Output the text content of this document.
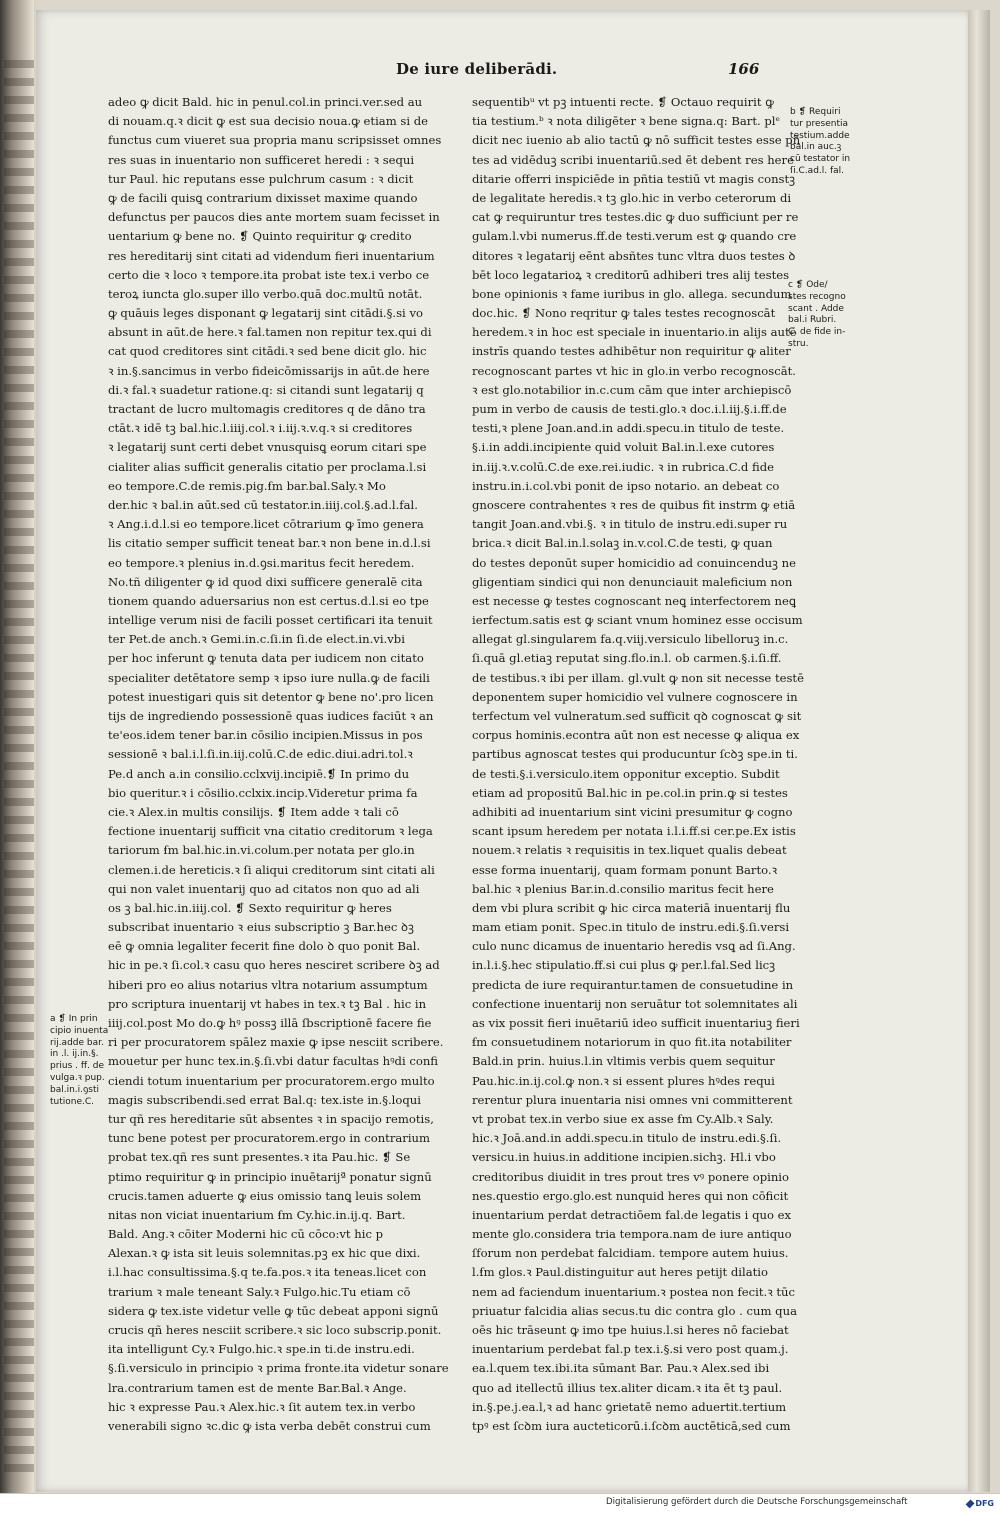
De iure deliberādi.	166
adeo ꝙ dicit Bald. hic in penul.col.in princi.ver.sed au
di nouam.q.ꝛ dicit ꝙ est sua decisio noua.ꝙ etiam si de
functus cum viueret sua propria manu scripsisset omnes
res suas in inuentario non sufficeret heredi : ꝛ sequi
tur Paul. hic reputans esse pulchrum casum : ꝛ dicit
ꝙ de facili quisꝗ contrarium dixisset maxime quando
defunctus per paucos dies ante mortem suam fecisset in
uentarium ꝙ bene no. ❡ Quinto requiritur ꝙ credito
res hereditarij sint citati ad videndum fieri inuentarium
certo die ꝛ loco ꝛ tempore.ita probat iste tex.i verbo ce
teroꝝ iuncta glo.super illo verbo.quā doc.multū notāt.
ꝙ quāuis leges disponant ꝙ legatarij sint citādi.§.si vo
absunt in aūt.de here.ꝛ fal.tamen non repitur tex.qui di
cat quod creditores sint citādi.ꝛ sed bene dicit glo. hic
ꝛ in.§.sancimus in verbo fideicōmissarijs in aūt.de here
di.ꝛ fal.ꝛ suadetur ratione.q: si citandi sunt legatarij q
tractant de lucro multomagis creditores q de dāno tra
ctāt.ꝛ idē tꝫ bal.hic.l.iiij.col.ꝛ i.iij.ꝛ.v.q.ꝛ si creditores
ꝛ legatarij sunt certi debet vnusquisꝗ eorum citari spe
cialiter alias sufficit generalis citatio per proclama.l.si
eo tempore.C.de remis.pig.ẜm bar.bal.Saly.ꝛ Mo
der.hic ꝛ bal.in aūt.sed cū testator.in.iiij.col.§.ad.l.fal.
ꝛ Ang.i.d.l.si eo tempore.licet cōtrarium ꝙ īmo genera
lis citatio semper sufficit teneat bar.ꝛ non bene in.d.l.si
eo tempore.ꝛ plenius in.d.ꝯsi.maritus fecit heredem.
No.tñ diligenter ꝙ id quod dixi sufficere generalē cita
tionem quando aduersarius non est certus.d.l.si eo tpe
intellige verum nisi de facili posset certificari ita tenuit
ter Pet.de anch.ꝛ Gemi.in.c.ſi.in ſi.de elect.in.vi.vbi
per hoc inferunt ꝙ tenuta data per iudicem non citato
specialiter detētatore semp ꝛ ipso iure nulla.ꝙ de facili
potest inuestigari quis sit detentor ꝙ bene no'.pro licen
tijs de ingrediendo possessionē quas iudices faciūt ꝛ an
te'eos.idem tener bar.in cōsilio incipien.Missus in pos
sessionē ꝛ bal.i.l.ſi.in.iij.colū.C.de edic.diui.adri.tol.ꝛ
Pe.d anch a.in consilio.cclxvij.incipiē.❡ In primo du
bio queritur.ꝛ i cōsilio.cclxix.incip.Videretur prima fa
cie.ꝛ Alex.in multis consilijs. ❡ Item adde ꝛ tali cō
fectione inuentarij sufficit vna citatio creditorum ꝛ lega
tariorum ẜm bal.hic.in.vi.colum.per notata per glo.in
clemen.i.de hereticis.ꝛ ſi aliqui creditorum sint citati ali
qui non valet inuentarij quo ad citatos non quo ad ali
os ꝫ bal.hic.in.iiij.col. ❡ Sexto requiritur ꝙ heres
subscribat inuentario ꝛ eius subscriptio ꝫ Bar.hec ꝺꝫ
eē ꝙ omnia legaliter fecerit fine dolo ꝺ quo ponit Bal.
hic in pe.ꝛ ſi.col.ꝛ casu quo heres nesciret scribere ꝺꝫ ad
hiberi pro eo alius notarius vltra notarium assumptum
pro scriptura inuentarij vt habes in tex.ꝛ tꝫ Bal . hic in
iiij.col.post Mo do.ꝙ hꝰ possꝫ illā ſbscriptionē facere fie
ri per procuratorem spālez maxie ꝙ ipse nesciit scribere.
mouetur per hunc tex.in.§.ſi.vbi datur facultas hꝰdi confi
ciendi totum inuentarium per procuratorem.ergo multo
magis subscribendi.sed errat Bal.q: tex.iste in.§.loqui
tur qñ res hereditarie sūt absentes ꝛ in spacijo remotis,
tunc bene potest per procuratorem.ergo in contrarium
probat tex.qñ res sunt presentes.ꝛ ita Pau.hic. ❡ Se
ptimo requiritur ꝙ in principio inuētarijª ponatur signū
crucis.tamen aduerte ꝙ eius omissio tanꝗ leuis solem
nitas non viciat inuentarium ẜm Cy.hic.in.ij.q. Bart.
Bald. Ang.ꝛ cōiter Moderni hic cū cōco:vt hic p
Alexan.ꝛ ꝙ ista sit leuis solemnitas.pꝫ ex hic que dixi.
i.l.hac consultissima.§.q te.fa.pos.ꝛ ita teneas.licet con
trarium ꝛ male teneant Saly.ꝛ Fulgo.hic.Tu etiam cō
sidera ꝙ tex.iste videtur velle ꝙ tūc debeat apponi signū
crucis qñ heres nesciit scribere.ꝛ sic loco subscrip.ponit.
ita intelligunt Cy.ꝛ Fulgo.hic.ꝛ spe.in ti.de instru.edi.
§.ſi.versiculo in principio ꝛ prima fronte.ita videtur sonare
lra.contrarium tamen est de mente Bar.Bal.ꝛ Ange.
hic ꝛ expresse Pau.ꝛ Alex.hic.ꝛ ſit autem tex.in verbo
venerabili signo ꝛc.dic ꝙ ista verba debēt construi cum
sequentibᵘ vt pꝫ intuenti recte. ❡ Octauo requirit ꝙ
tia testium.ᵇ ꝛ nota diligēter ꝛ bene signa.q: Bart. plᵉ
dicit nec iuenio ab alio tactū ꝙ nō sufficit testes esse pñ
tes ad vidēduꝫ scribi inuentariū.sed ēt debent res here
ditarie offerri inspiciēde in pñtia testiū vt magis constꝫ
de legalitate heredis.ꝛ tꝫ glo.hic in verbo ceterorum di
cat ꝙ requiruntur tres testes.dic ꝙ duo sufficiunt per re
gulam.l.vbi numerus.ff.de testi.verum est ꝙ quando cre
ditores ꝛ legatarij eēnt absñtes tunc vltra duos testes ꝺ
bēt loco legatarioꝝ ꝛ creditorū adhiberi tres alij testes
bone opinionis ꝛ fame iuribus in glo. allega. secundum
doc.hic. ❡ Nono reqritur ꝙ tales testes recognoscāt
heredem.ꝛ in hoc est speciale in inuentario.in alijs autē
instrīs quando testes adhibētur non requiritur ꝙ aliter
recognoscant partes vt hic in glo.in verbo recognoscāt.
ꝛ est glo.notabilior in.c.cum cām que inter archiepiscō
pum in verbo de causis de testi.glo.ꝛ doc.i.l.iij.§.i.ff.de
testi,ꝛ plene Joan.and.in addi.specu.in titulo de teste.
§.i.in addi.incipiente quid voluit Bal.in.l.exe cutores
in.iij.ꝛ.v.colū.C.de exe.rei.iudic. ꝛ in rubrica.C.d fide
instru.in.i.col.vbi ponit de ipso notario. an debeat co
gnoscere contrahentes ꝛ res de quibus fit instrm ꝙ etiā
tangit Joan.and.vbi.§. ꝛ in titulo de instru.edi.super ru
brica.ꝛ dicit Bal.in.l.solaꝫ in.v.col.C.de testi, ꝙ quan
do testes deponūt super homicidio ad conuincenduꝫ ne
gligentiam sindici qui non denunciauit maleficium non
est necesse ꝙ testes cognoscant neꝗ interfectorem neꝗ
ierfectum.satis est ꝙ sciant vnum hominez esse occisum
allegat gl.singularem fa.q.viij.versiculo libelloruꝫ in.c.
ſi.quā gl.etiaꝫ reputat sing.flo.in.l. ob carmen.§.i.ſi.ff.
de testibus.ꝛ ibi per illam. gl.vult ꝙ non sit necesse testē
deponentem super homicidio vel vulnere cognoscere in
terfectum vel vulneratum.sed sufficit qꝺ cognoscat ꝙ sit
corpus hominis.econtra aūt non est necesse ꝙ aliqua ex
partibus agnoscat testes qui producuntur ſcꝺꝫ spe.in ti.
de testi.§.i.versiculo.item opponitur exceptio. Subdit
etiam ad propositū Bal.hic in pe.col.in prin.ꝙ si testes
adhibiti ad inuentarium sint vicini presumitur ꝙ cogno
scant ipsum heredem per notata i.l.i.ff.si cer.pe.Ex istis
nouem.ꝛ relatis ꝛ requisitis in tex.liquet qualis debeat
esse forma inuentarij, quam formam ponunt Barto.ꝛ
bal.hic ꝛ plenius Bar.in.d.consilio maritus fecit here
dem vbi plura scribit ꝙ hic circa materiā inuentarij flu
mam etiam ponit. Spec.in titulo de instru.edi.§.ſi.versi
culo nunc dicamus de inuentario heredis vsꝗ ad ſi.Ang.
in.l.i.§.hec stipulatio.ff.si cui plus ꝙ per.l.fal.Sed licꝫ
predicta de iure requirantur.tamen de consuetudine in
confectione inuentarij non seruātur tot solemnitates ali
as vix possit fieri inuētariū ideo sufficit inuentariuꝫ fieri
ẜm consuetudinem notariorum in quo fit.ita notabiliter
Bald.in prin. huius.l.in vltimis verbis quem sequitur
Pau.hic.in.ij.col.ꝙ non.ꝛ si essent plures hꝰdes requi
rerentur plura inuentaria nisi omnes vni committerent
vt probat tex.in verbo siue ex asse ẜm Cy.Alb.ꝛ Saly.
hic.ꝛ Joā.and.in addi.specu.in titulo de instru.edi.§.ſi.
versicu.in huius.in additione incipien.sichꝫ. Hl.i vbo
creditoribus diuidit in tres prout tres vꝰ ponere opinio
nes.questio ergo.glo.est nunquid heres qui non cōficit
inuentarium perdat detractiōem fal.de legatis i quo ex
mente glo.considera tria tempora.nam de iure antiquo
ſforum non perdebat falcidiam. tempore autem huius.
l.ẜm glos.ꝛ Paul.distinguitur aut heres petijt dilatio
nem ad faciendum inuentarium.ꝛ postea non fecit.ꝛ tūc
priuatur falcidia alias secus.tu dic contra glo . cum qua
oēs hic trāseunt ꝙ imo tpe huius.l.si heres nō faciebat
inuentarium perdebat fal.p tex.i.§.si vero post quam.j.
ea.l.quem tex.ibi.ita sūmant Bar. Pau.ꝛ Alex.sed ibi
quo ad itellectū illius tex.aliter dicam.ꝛ ita ēt tꝫ paul.
in.§.pe.j.ea.l,ꝛ ad hanc ꝯrietatē nemo aduertit.tertium
tpꝰ est ſcꝺm iura aucteticorū.i.ſcꝺm auctēticā,sed cum
b ❡ Requiri
tur presentia
testium.adde
bal.in auc.ꝫ
cū testator in
ſi.C.ad.l. fal.
c ❡ Ode/
stes recogno
scant . Adde
bal.i Rubri.
C. de fide in-
stru.
a ❡ In prin
cipio inuenta
rij.adde bar.
in .l. ij.in.§.
prius . ff. de
vulga.ꝛ pup.
bal.in.i.ꝯsti
tutione.C.
Digitalisierung gefördert durch die Deutsche Forschungsgemeinschaft	DFG
